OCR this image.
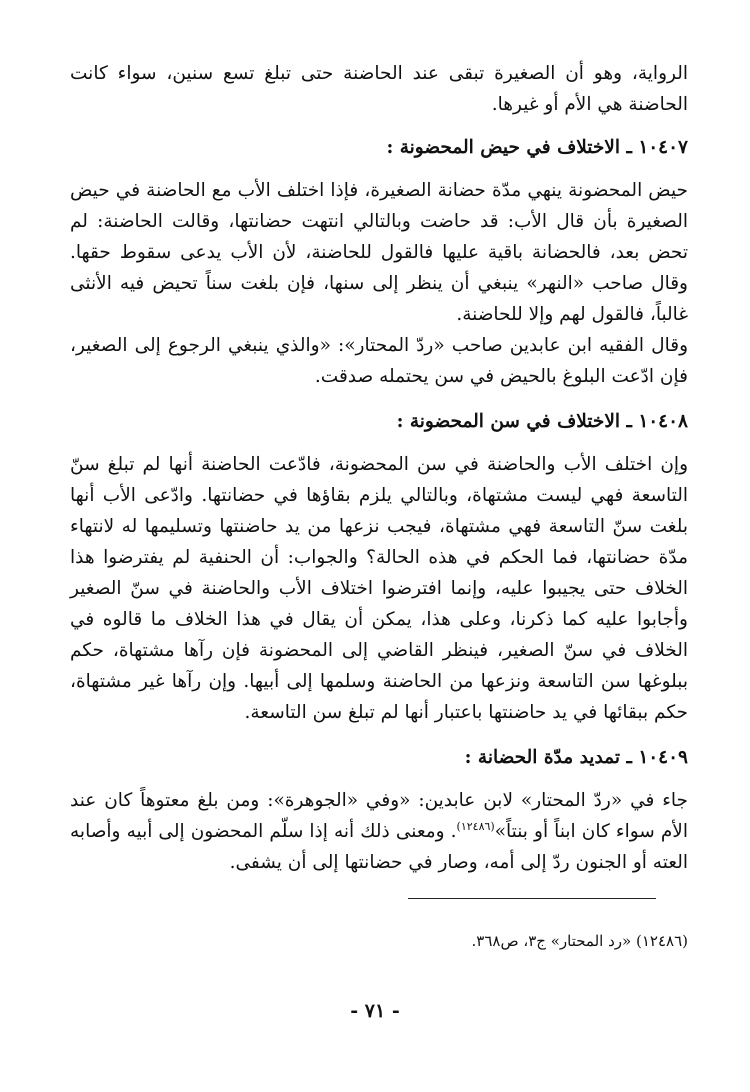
الرواية، وهو أن الصغيرة تبقى عند الحاضنة حتى تبلغ تسع سنين، سواء كانت الحاضنة هي الأم أو غيرها.

١٠٤٠٧ ـ الاختلاف في حيض المحضونة :

حيض المحضونة ينهي مدّة حضانة الصغيرة، فإذا اختلف الأب مع الحاضنة في حيض الصغيرة بأن قال الأب: قد حاضت وبالتالي انتهت حضانتها، وقالت الحاضنة: لم تحض بعد، فالحضانة باقية عليها فالقول للحاضنة، لأن الأب يدعى سقوط حقها. وقال صاحب «النهر» ينبغي أن ينظر إلى سنها، فإن بلغت سناً تحيض فيه الأنثى غالباً، فالقول لهم وإلا للحاضنة.

وقال الفقيه ابن عابدين صاحب «ردّ المحتار»: «والذي ينبغي الرجوع إلى الصغير، فإن ادّعت البلوغ بالحيض في سن يحتمله صدقت.

١٠٤٠٨ ـ الاختلاف في سن المحضونة :

وإن اختلف الأب والحاضنة في سن المحضونة، فادّعت الحاضنة أنها لم تبلغ سنّ التاسعة فهي ليست مشتهاة، وبالتالي يلزم بقاؤها في حضانتها. وادّعى الأب أنها بلغت سنّ التاسعة فهي مشتهاة، فيجب نزعها من يد حاضنتها وتسليمها له لانتهاء مدّة حضانتها، فما الحكم في هذه الحالة؟ والجواب: أن الحنفية لم يفترضوا هذا الخلاف حتى يجيبوا عليه، وإنما افترضوا اختلاف الأب والحاضنة في سنّ الصغير وأجابوا عليه كما ذكرنا، وعلى هذا، يمكن أن يقال في هذا الخلاف ما قالوه في الخلاف في سنّ الصغير، فينظر القاضي إلى المحضونة فإن رآها مشتهاة، حكم ببلوغها سن التاسعة ونزعها من الحاضنة وسلمها إلى أبيها. وإن رآها غير مشتهاة، حكم ببقائها في يد حاضنتها باعتبار أنها لم تبلغ سن التاسعة.

١٠٤٠٩ ـ تمديد مدّة الحضانة :

جاء في «ردّ المحتار» لابن عابدين: «وفي «الجوهرة»: ومن بلغ معتوهاً كان عند الأم سواء كان ابناً أو بنتاً»$^{(١٢٤٨٦)}$. ومعنى ذلك أنه إذا سلّم المحضون إلى أبيه وأصابه العته أو الجنون ردّ إلى أمه، وصار في حضانتها إلى أن يشفى.

(١٢٤٨٦) «رد المحتار» ج٣، ص٣٦٨.
- ٧١ -
